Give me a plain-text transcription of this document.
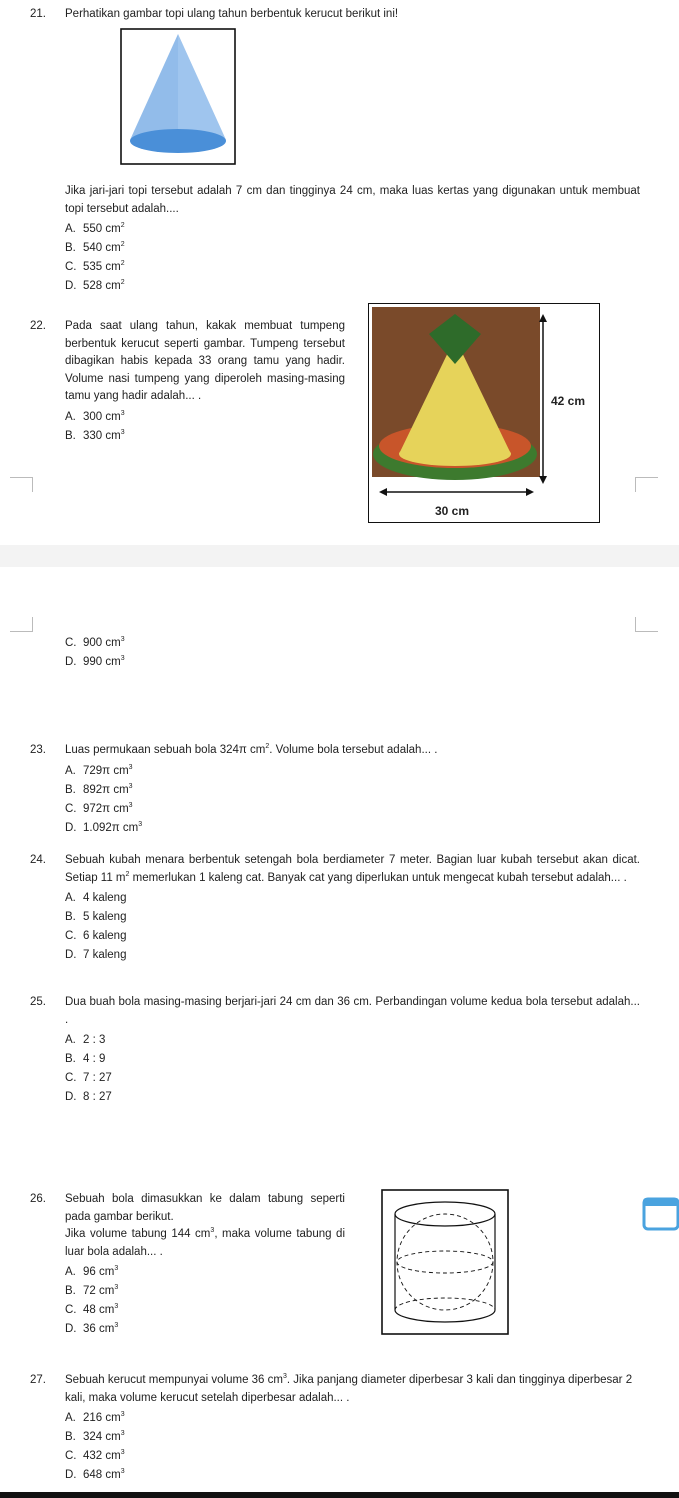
21. Perhatikan gambar topi ulang tahun berbentuk kerucut berikut ini!
Jika jari-jari topi tersebut adalah 7 cm dan tingginya 24 cm, maka luas kertas yang digunakan untuk membuat topi tersebut adalah....
A. 550 $cm^2$
B. 540 $cm^2$
C. 535 $cm^2$
D. 528 $cm^2$
22. Pada saat ulang tahun, kakak membuat tumpeng berbentuk kerucut seperti gambar. Tumpeng tersebut dibagikan habis kepada 33 orang tamu yang hadir. Volume nasi tumpeng yang diperoleh masing-masing tamu yang hadir adalah... .
A. 300 $cm^3$
B. 330 $cm^3$
42 cm
30 cm
C. 900 $cm^3$
D. 990 $cm^3$
23. Luas permukaan sebuah bola 324π $cm^2$. Volume bola tersebut adalah... .
A. 729π $cm^3$
B. 892π $cm^3$
C. 972π $cm^3$
D. 1.092π $cm^3$
24. Sebuah kubah menara berbentuk setengah bola berdiameter 7 meter. Bagian luar kubah tersebut akan dicat. Setiap 11 $m^2$ memerlukan 1 kaleng cat. Banyak cat yang diperlukan untuk mengecat kubah tersebut adalah... .
A. 4 kaleng
B. 5 kaleng
C. 6 kaleng
D. 7 kaleng
25. Dua buah bola masing-masing berjari-jari 24 cm dan 36 cm. Perbandingan volume kedua bola tersebut adalah... .
A. 2 : 3
B. 4 : 9
C. 7 : 27
D. 8 : 27
26. Sebuah bola dimasukkan ke dalam tabung seperti pada gambar berikut.
Jika volume tabung 144 $cm^3$, maka volume tabung di luar bola adalah... .
A. 96 $cm^3$
B. 72 $cm^3$
C. 48 $cm^3$
D. 36 $cm^3$
27. Sebuah kerucut mempunyai volume 36 $cm^3$. Jika panjang diameter diperbesar 3 kali dan tingginya diperbesar 2 kali, maka volume kerucut setelah diperbesar adalah... .
A. 216 $cm^3$
B. 324 $cm^3$
C. 432 $cm^3$
D. 648 $cm^3$
